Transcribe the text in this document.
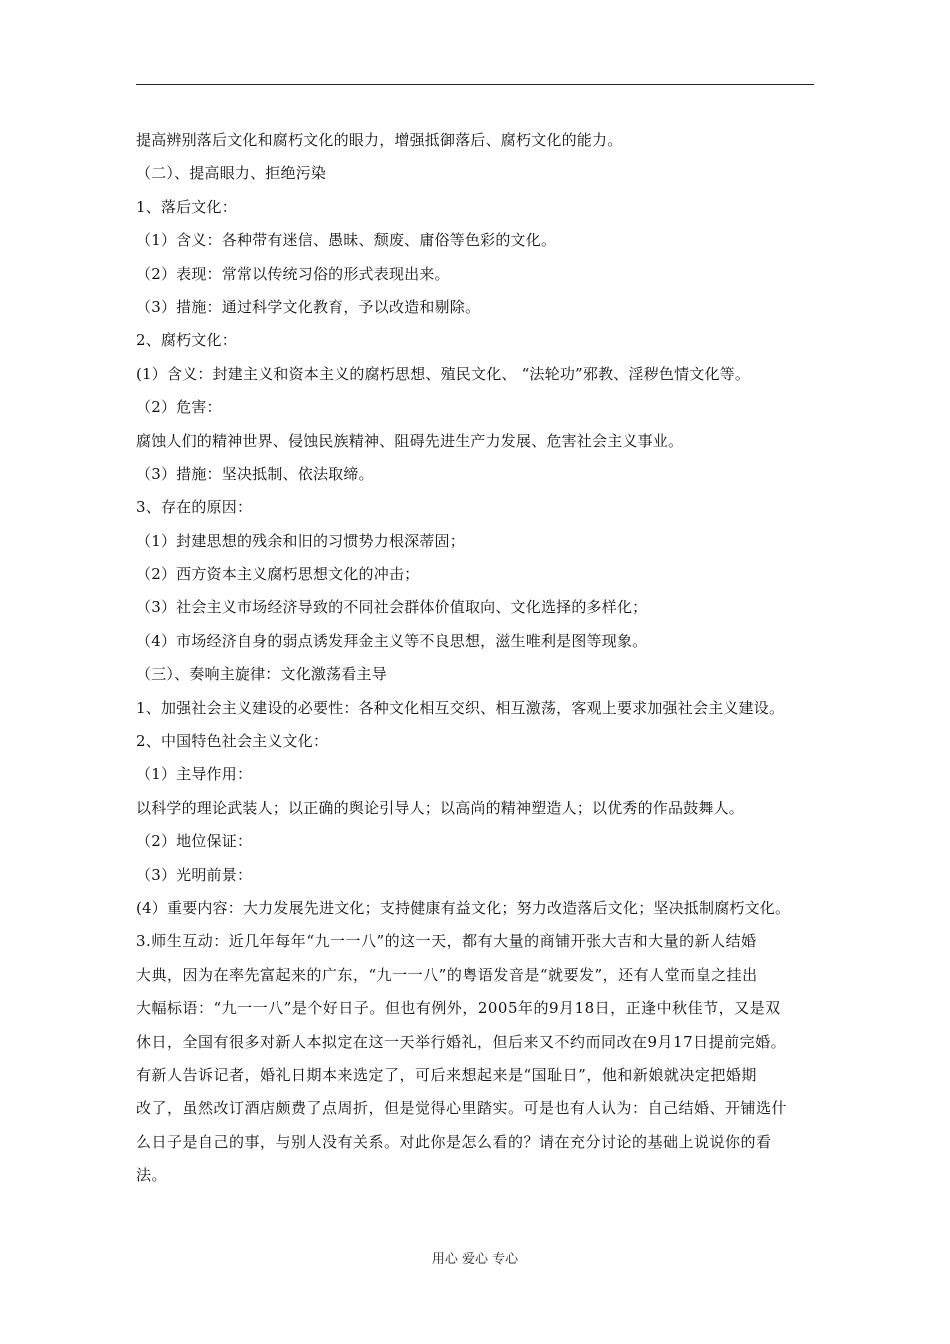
提高辨别落后文化和腐朽文化的眼力，增强抵御落后、腐朽文化的能力。
（二）、提高眼力、拒绝污染
1、落后文化：
（1）含义：各种带有迷信、愚昧、颓废、庸俗等色彩的文化。
（2）表现：常常以传统习俗的形式表现出来。
（3）措施：通过科学文化教育，予以改造和剔除。
2、腐朽文化：
(1）含义：封建主义和资本主义的腐朽思想、殖民文化、 “法轮功”邪教、淫秽色情文化等。
（2）危害：
腐蚀人们的精神世界、侵蚀民族精神、阻碍先进生产力发展、危害社会主义事业。
（3）措施：坚决抵制、依法取缔。
3、存在的原因：
（1）封建思想的残余和旧的习惯势力根深蒂固；
（2）西方资本主义腐朽思想文化的冲击；
（3）社会主义市场经济导致的不同社会群体价值取向、文化选择的多样化；
（4）市场经济自身的弱点诱发拜金主义等不良思想，滋生唯利是图等现象。
（三）、奏响主旋律：文化激荡看主导
1、加强社会主义建设的必要性：各种文化相互交织、相互激荡，客观上要求加强社会主义建设。
2、中国特色社会主义文化：
（1）主导作用：
以科学的理论武装人；以正确的舆论引导人；以高尚的精神塑造人；以优秀的作品鼓舞人。
（2）地位保证：
（3）光明前景：
(4）重要内容：大力发展先进文化；支持健康有益文化；努力改造落后文化；坚决抵制腐朽文化。
3.师生互动：近几年每年“九一一八”的这一天，都有大量的商铺开张大吉和大量的新人结婚
大典，因为在率先富起来的广东，“九一一八”的粤语发音是“就要发”，还有人堂而皇之挂出
大幅标语：“九一一八”是个好日子。但也有例外，2005年的9月18日，正逢中秋佳节，又是双
休日，全国有很多对新人本拟定在这一天举行婚礼，但后来又不约而同改在9月17日提前完婚。
有新人告诉记者，婚礼日期本来选定了，可后来想起来是“国耻日”，他和新娘就决定把婚期
改了，虽然改订酒店颇费了点周折，但是觉得心里踏实。可是也有人认为：自己结婚、开铺选什
么日子是自己的事，与别人没有关系。对此你是怎么看的？请在充分讨论的基础上说说你的看
法。
用心 爱心 专心
